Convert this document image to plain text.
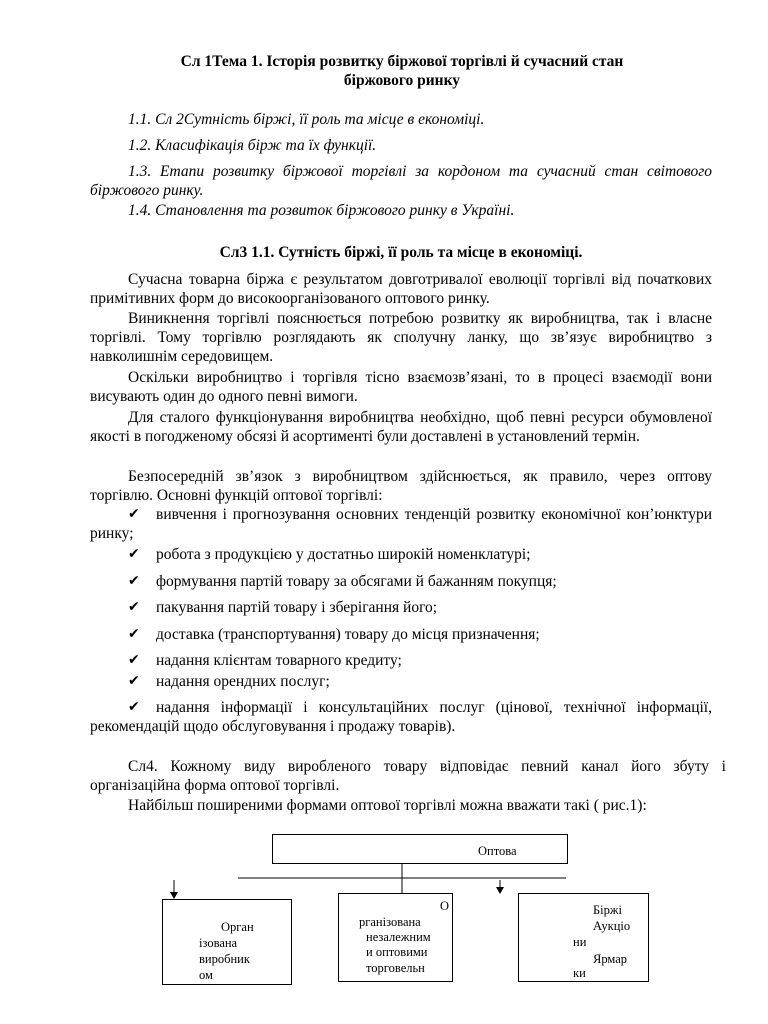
Сл 1Тема 1. Історія розвитку біржової торгівлі й сучасний стан
біржового ринку
1.1. Сл 2Сутність біржі, її роль та місце в економіці.
1.2. Класифікація бірж та їх функції.
1.3. Етапи розвитку біржової торгівлі за кордоном та сучасний стан світового біржового ринку.
1.4. Становлення та розвиток біржового ринку в Україні.
Сл3 1.1. Сутність біржі, її роль та місце в економіці.
Сучасна товарна біржа є результатом довготривалої еволюції торгівлі від початкових примітивних форм до високоорганізованого оптового ринку.
Виникнення торгівлі пояснюється потребою розвитку як виробництва, так і власне торгівлі. Тому торгівлю розглядають як сполучну ланку, що зв’язує виробництво з навколишнім середовищем.
Оскільки виробництво і торгівля тісно взаємозв’язані, то в процесі взаємодії вони висувають один до одного певні вимоги.
Для сталого функціонування виробництва необхідно, щоб певні ресурси обумовленої якості в погодженому обсязі й асортименті були доставлені в установлений термін.
Безпосередній зв’язок з виробництвом здійснюється, як правило, через оптову торгівлю. Основні функцій оптової торгівлі:
✔	вивчення і прогнозування основних тенденцій розвитку економічної кон’юнктури ринку;
✔	робота з продукцією у достатньо широкій номенклатурі;
✔	формування партій товару за обсягами й бажанням покупця;
✔	пакування партій товару і зберігання його;
✔	доставка (транспортування) товару до місця призначення;
✔	надання клієнтам товарного кредиту;
✔	надання орендних послуг;
✔	надання інформації і консультаційних послуг (цінової, технічної інформації, рекомендацій щодо обслуговування і продажу товарів).
Сл4. Кожному виду виробленого товару відповідає певний канал його збуту і організаційна форма оптової торгівлі.
Найбільш поширеними формами оптової торгівлі можна вважати такі ( рис.1):
Оптова
Орган
ізована
виробник
ом
О
рганізована
незалежним
и оптовими
торговельн
Біржі
Аукціо
ни
Ярмар
ки
